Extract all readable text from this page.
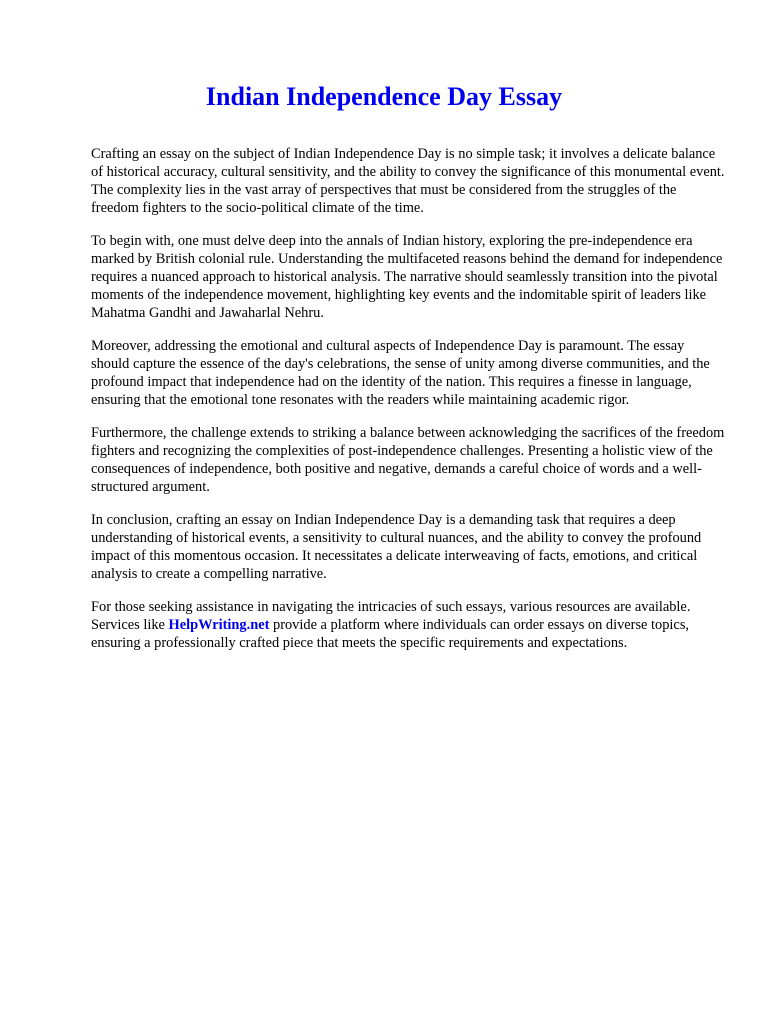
Indian Independence Day Essay

Crafting an essay on the subject of Indian Independence Day is no simple task; it involves a delicate balance of historical accuracy, cultural sensitivity, and the ability to convey the significance of this monumental event. The complexity lies in the vast array of perspectives that must be considered from the struggles of the freedom fighters to the socio-political climate of the time.

To begin with, one must delve deep into the annals of Indian history, exploring the pre-independence era marked by British colonial rule. Understanding the multifaceted reasons behind the demand for independence requires a nuanced approach to historical analysis. The narrative should seamlessly transition into the pivotal moments of the independence movement, highlighting key events and the indomitable spirit of leaders like Mahatma Gandhi and Jawaharlal Nehru.

Moreover, addressing the emotional and cultural aspects of Independence Day is paramount. The essay should capture the essence of the day's celebrations, the sense of unity among diverse communities, and the profound impact that independence had on the identity of the nation. This requires a finesse in language, ensuring that the emotional tone resonates with the readers while maintaining academic rigor.

Furthermore, the challenge extends to striking a balance between acknowledging the sacrifices of the freedom fighters and recognizing the complexities of post-independence challenges. Presenting a holistic view of the consequences of independence, both positive and negative, demands a careful choice of words and a well-structured argument.

In conclusion, crafting an essay on Indian Independence Day is a demanding task that requires a deep understanding of historical events, a sensitivity to cultural nuances, and the ability to convey the profound impact of this momentous occasion. It necessitates a delicate interweaving of facts, emotions, and critical analysis to create a compelling narrative.

For those seeking assistance in navigating the intricacies of such essays, various resources are available. Services like HelpWriting.net provide a platform where individuals can order essays on diverse topics, ensuring a professionally crafted piece that meets the specific requirements and expectations.
